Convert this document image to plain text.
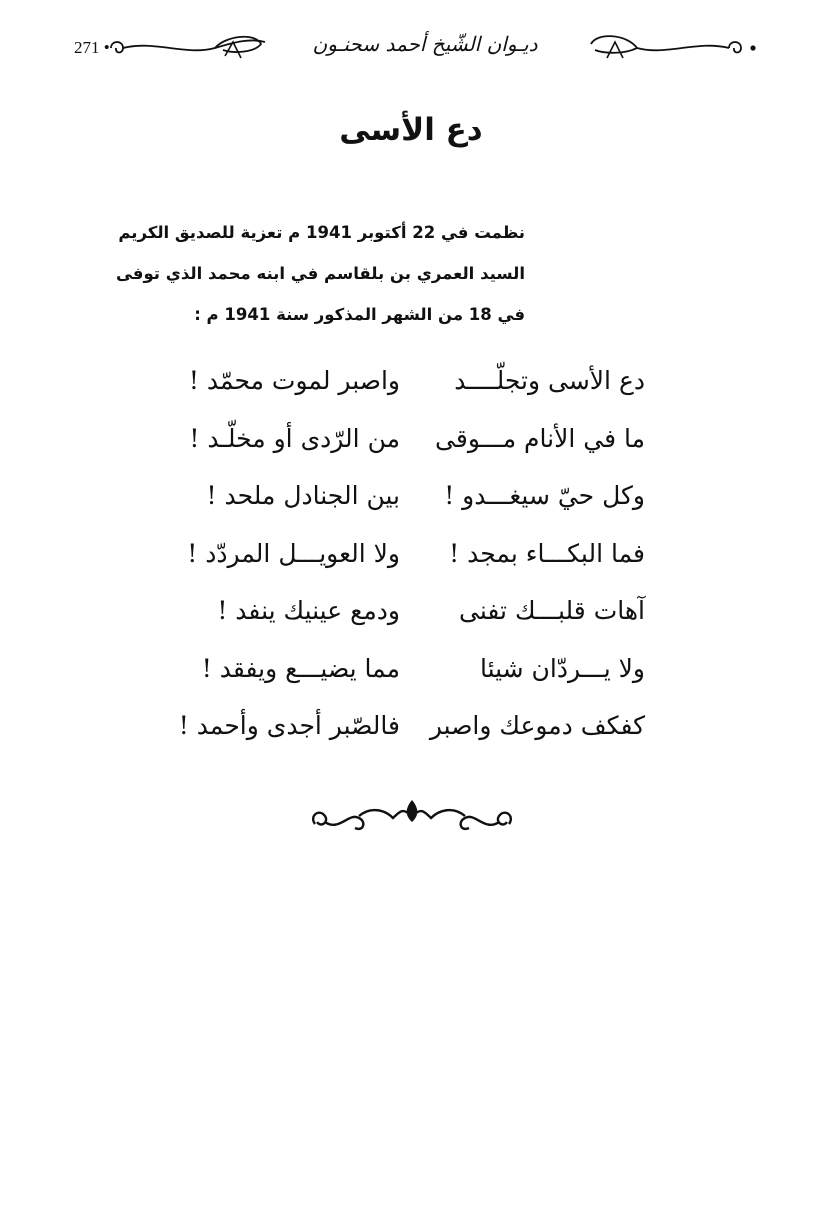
271 •	ديـوان الشّيخ أحمد سحنـون
دع الأسى
نظمت في 22 أكتوبر 1941 م تعزية للصديق الكريم
السيد العمري بن بلقاسم في ابنه محمد الذي توفى
في 18 من الشهر المذكور سنة 1941 م :
دع الأسى وتجلّــــد
واصبر لموت محمّد !
ما في الأنام مـــوقى
من الرّدى أو مخلّـد !
وكل حيّ سيغـــدو !
بين الجنادل ملحد !
فما البكـــاء بمجد !
ولا العويـــل المردّد !
آهات قلبـــك تفنى
ودمع عينيك ينفد !
ولا يـــردّان شيئا
مما يضيـــع ويفقد !
كفكف دموعك واصبر
فالصّبر أجدى وأحمد !
